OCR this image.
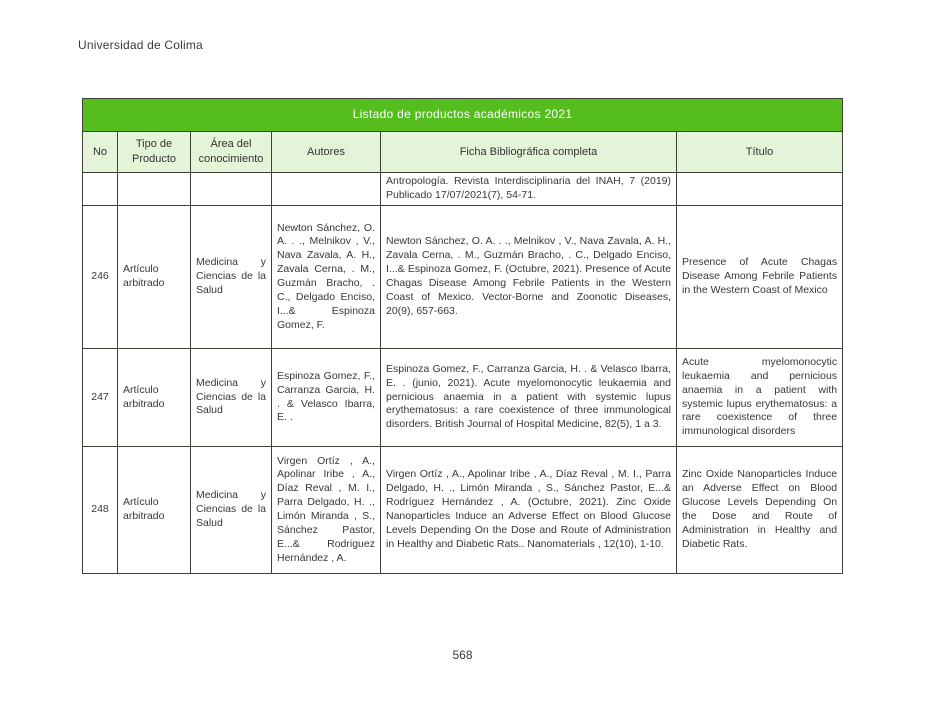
Universidad de Colima
Listado de productos académicos 2021					
No	Tipo de Producto	Área del conocimiento	Autores	Ficha Bibliográfica completa	Título
				Antropología. Revista Interdisciplinaria del INAH, 7 (2019) Publicado 17/07/2021(7), 54-71.	
246	Artículo arbitrado	Medicina y Ciencias de la Salud	Newton Sánchez, O. A. . ., Melnikov , V., Nava Zavala, A. H., Zavala Cerna, . M., Guzmán Bracho, . C., Delgado Enciso, I...& Espinoza Gomez, F.	Newton Sánchez, O. A. . ., Melnikov , V., Nava Zavala, A. H., Zavala Cerna, . M., Guzmán Bracho, . C., Delgado Enciso, I...& Espinoza Gomez, F. (Octubre, 2021). Presence of Acute Chagas Disease Among Febrile Patients in the Western Coast of Mexico. Vector-Borne and Zoonotic Diseases, 20(9), 657-663.	Presence of Acute Chagas Disease Among Febrile Patients in the Western Coast of Mexico
247	Artículo arbitrado	Medicina y Ciencias de la Salud	Espinoza Gomez, F., Carranza Garcia, H. . & Velasco Ibarra, E. .	Espinoza Gomez, F., Carranza Garcia, H. . & Velasco Ibarra, E. . (junio, 2021). Acute myelomonocytic leukaemia and pernicious anaemia in a patient with systemic lupus erythematosus: a rare coexistence of three immunological disorders. British Journal of Hospital Medicine, 82(5), 1 a 3.	Acute myelomonocytic leukaemia and pernicious anaemia in a patient with systemic lupus erythematosus: a rare coexistence of three immunological disorders
248	Artículo arbitrado	Medicina y Ciencias de la Salud	Virgen Ortíz , A., Apolinar Iribe , A., Díaz Reval , M. I., Parra Delgado, H. ., Limón Miranda , S., Sánchez Pastor, E...& Rodriguez Hernández , A.	Virgen Ortíz , A., Apolinar Iribe , A., Díaz Reval , M. I., Parra Delgado, H. ., Limón Miranda , S., Sánchez Pastor, E...& Rodríguez Hernández , A. (Octubre, 2021). Zinc Oxide Nanoparticles Induce an Adverse Effect on Blood Glucose Levels Depending On the Dose and Route of Administration in Healthy and Diabetic Rats.. Nanomaterials , 12(10), 1-10.	Zinc Oxide Nanoparticles Induce an Adverse Effect on Blood Glucose Levels Depending On the Dose and Route of Administration in Healthy and Diabetic Rats.
568
